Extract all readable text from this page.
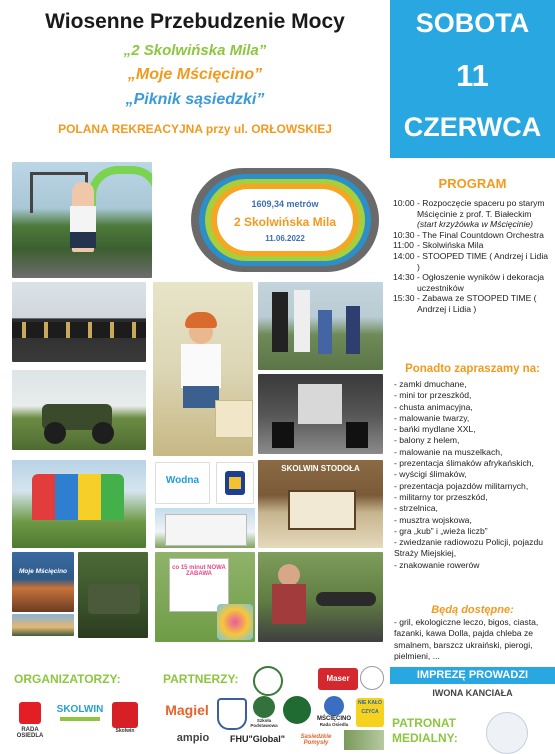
Wiosenne Przebudzenie Mocy
„2 Skolwińska Mila”
„Moje Mścięcino”
„Piknik sąsiedzki”
POLANA REKREACYJNA przy ul. ORŁOWSKIEJ
SOBOTA
11
CZERWCA
1609,34 metrów
2 Skolwińska Mila
11.06.2022
Wodna
SKOLWIN STODOŁA
Moje Mścięcino	co 15 minut NOWA ZABAWA
PROGRAM
10:00 - Rozpoczęcie spaceru po starym Mścięcinie z prof. T. Białeckim
(start krzyżówka w Mścięcinie)
10:30 - The Final Countdown Orchestra
11:00 - Skolwińska Mila
14:00 - STOOPED TIME ( Andrzej i Lidia )
14:30 - Ogłoszenie wyników i dekoracja uczestników
15:30 - Zabawa ze STOOPED TIME ( Andrzej i Lidia )
Ponadto zapraszamy na:
- zamki dmuchane,
- mini tor przeszkód,
- chusta animacyjna,
- malowanie twarzy,
- bańki mydlane XXL,
- balony z helem,
- malowanie na muszelkach,
- prezentacja ślimaków afrykańskich,
- wyścigi ślimaków,
- prezentacja pojazdów militarnych,
- militarny tor przeszkód,
- strzelnica,
- musztra wojskowa,
- gra „kub” i „wieża liczb”
- zwiedzanie radiowozu Policji, pojazdu Straży Miejskiej,
- znakowanie rowerów
Będą dostępne:
- gril, ekologiczne leczo, bigos, ciasta, fazanki, kawa Dolla, pajda chleba ze smalnem, barszcz ukraiński, pierogi, pielmieni, ...
IMPREZĘ PROWADZI
IWONA KANCIAŁA
PATRONAT MEDIALNY:
ORGANIZATORZY:
RADA OSIEDLA
SKOLWIN
Skolwin
PARTNERZY:	Maser
Magiel
Szkoła Podstawowa
MŚCIĘCINO
Rada Osiedla
NIE KAŁO CZYCA
ampio	FHU"Global"	Sasiedzkie Pomysły
